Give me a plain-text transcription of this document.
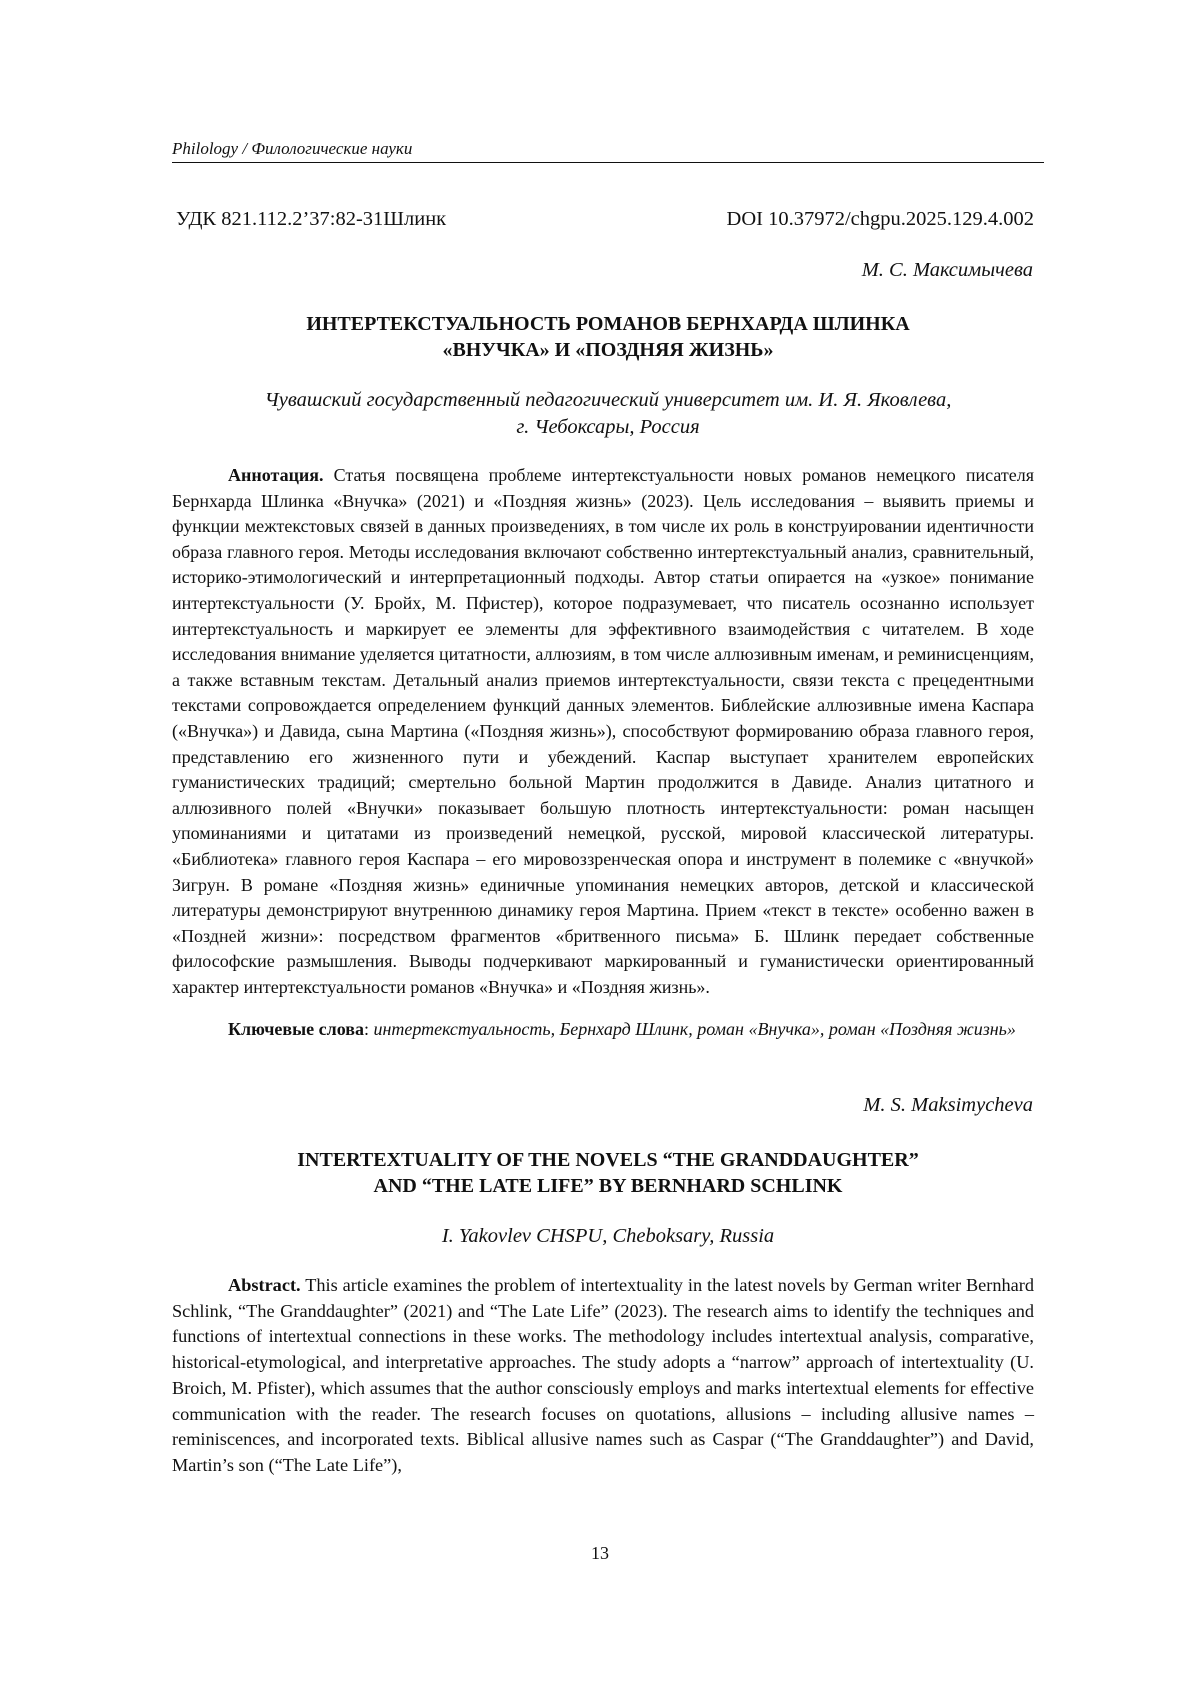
Philology / Филологические науки
УДК 821.112.2’37:82-31Шлинк	DOI 10.37972/chgpu.2025.129.4.002
М. С. Максимычева
ИНТЕРТЕКСТУАЛЬНОСТЬ РОМАНОВ БЕРНХАРДА ШЛИНКА
«ВНУЧКА» И «ПОЗДНЯЯ ЖИЗНЬ»
Чувашский государственный педагогический университет им. И. Я. Яковлева,
г. Чебоксары, Россия

Аннотация. Статья посвящена проблеме интертекстуальности новых романов немецкого писателя Бернхарда Шлинка «Внучка» (2021) и «Поздняя жизнь» (2023). Цель исследования – выявить приемы и функции межтекстовых связей в данных произведениях, в том числе их роль в конструировании идентичности образа главного героя. Методы исследования включают собственно интертекстуальный анализ, сравнительный, историко-этимологический и интерпретационный подходы. Автор статьи опирается на «узкое» понимание интертекстуальности (У. Бройх, М. Пфистер), которое подразумевает, что писатель осознанно использует интертекстуальность и маркирует ее элементы для эффективного взаимодействия с читателем. В ходе исследования внимание уделяется цитатности, аллюзиям, в том числе аллюзивным именам, и реминисценциям, а также вставным текстам. Детальный анализ приемов интертекстуальности, связи текста с прецедентными текстами сопровождается определением функций данных элементов. Библейские аллюзивные имена Каспара («Внучка») и Давида, сына Мартина («Поздняя жизнь»), способствуют формированию образа главного героя, представлению его жизненного пути и убеждений. Каспар выступает хранителем европейских гуманистических традиций; смертельно больной Мартин продолжится в Давиде. Анализ цитатного и аллюзивного полей «Внучки» показывает большую плотность интертекстуальности: роман насыщен упоминаниями и цитатами из произведений немецкой, русской, мировой классической литературы. «Библиотека» главного героя Каспара – его мировоззренческая опора и инструмент в полемике с «внучкой» Зигрун. В романе «Поздняя жизнь» единичные упоминания немецких авторов, детской и классической литературы демонстрируют внутреннюю динамику героя Мартина. Прием «текст в тексте» особенно важен в «Поздней жизни»: посредством фрагментов «бритвенного письма» Б. Шлинк передает собственные философские размышления. Выводы подчеркивают маркированный и гуманистически ориентированный характер интертекстуальности романов «Внучка» и «Поздняя жизнь».

Ключевые слова: интертекстуальность, Бернхард Шлинк, роман «Внучка», роман «Поздняя жизнь»

M. S. Maksimycheva
INTERTEXTUALITY OF THE NOVELS “THE GRANDDAUGHTER”
AND “THE LATE LIFE” BY BERNHARD SCHLINK
I. Yakovlev CHSPU, Cheboksary, Russia

Abstract. This article examines the problem of intertextuality in the latest novels by German writer Bernhard Schlink, “The Granddaughter” (2021) and “The Late Life” (2023). The research aims to identify the techniques and functions of intertextual connections in these works. The methodology includes intertextual analysis, comparative, historical-etymological, and interpretative approaches. The study adopts a “narrow” approach of intertextuality (U. Broich, M. Pfister), which assumes that the author consciously employs and marks intertextual elements for effective communication with the reader. The research focuses on quotations, allusions – including allusive names – reminiscences, and incorporated texts. Biblical allusive names such as Caspar (“The Granddaughter”) and David, Martin’s son (“The Late Life”),

13
